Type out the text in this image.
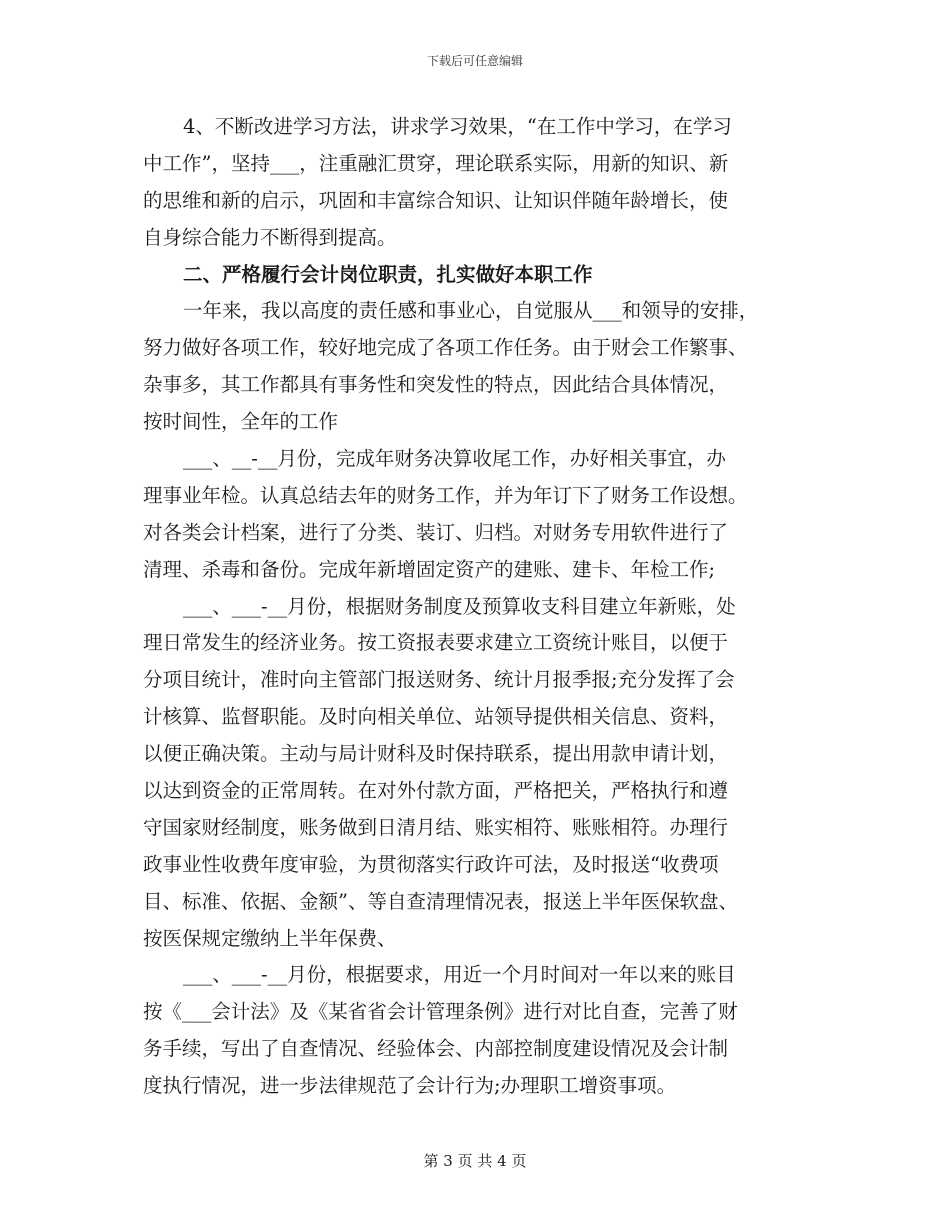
下载后可任意编辑
4、不断改进学习方法，讲求学习效果，“在工作中学习，在学习
中工作”，坚持___，注重融汇贯穿，理论联系实际，用新的知识、新
的思维和新的启示，巩固和丰富综合知识、让知识伴随年龄增长，使
自身综合能力不断得到提高。
二、严格履行会计岗位职责，扎实做好本职工作
一年来，我以高度的责任感和事业心，自觉服从___和领导的安排，
努力做好各项工作，较好地完成了各项工作任务。由于财会工作繁事、
杂事多，其工作都具有事务性和突发性的特点，因此结合具体情况，
按时间性，全年的工作
___、__-__月份，完成年财务决算收尾工作，办好相关事宜，办
理事业年检。认真总结去年的财务工作，并为年订下了财务工作设想。
对各类会计档案，进行了分类、装订、归档。对财务专用软件进行了
清理、杀毒和备份。完成年新增固定资产的建账、建卡、年检工作;
___、___-__月份，根据财务制度及预算收支科目建立年新账，处
理日常发生的经济业务。按工资报表要求建立工资统计账目，以便于
分项目统计，准时向主管部门报送财务、统计月报季报;充分发挥了会
计核算、监督职能。及时向相关单位、站领导提供相关信息、资料，
以便正确决策。主动与局计财科及时保持联系，提出用款申请计划，
以达到资金的正常周转。在对外付款方面，严格把关，严格执行和遵
守国家财经制度，账务做到日清月结、账实相符、账账相符。办理行
政事业性收费年度审验，为贯彻落实行政许可法，及时报送“收费项
目、标准、依据、金额”、等自查清理情况表，报送上半年医保软盘、
按医保规定缴纳上半年保费、
___、___-__月份，根据要求，用近一个月时间对一年以来的账目
按《___会计法》及《某省省会计管理条例》进行对比自查，完善了财
务手续，写出了自查情况、经验体会、内部控制度建设情况及会计制
度执行情况，进一步法律规范了会计行为;办理职工增资事项。
第 3 页 共 4 页
